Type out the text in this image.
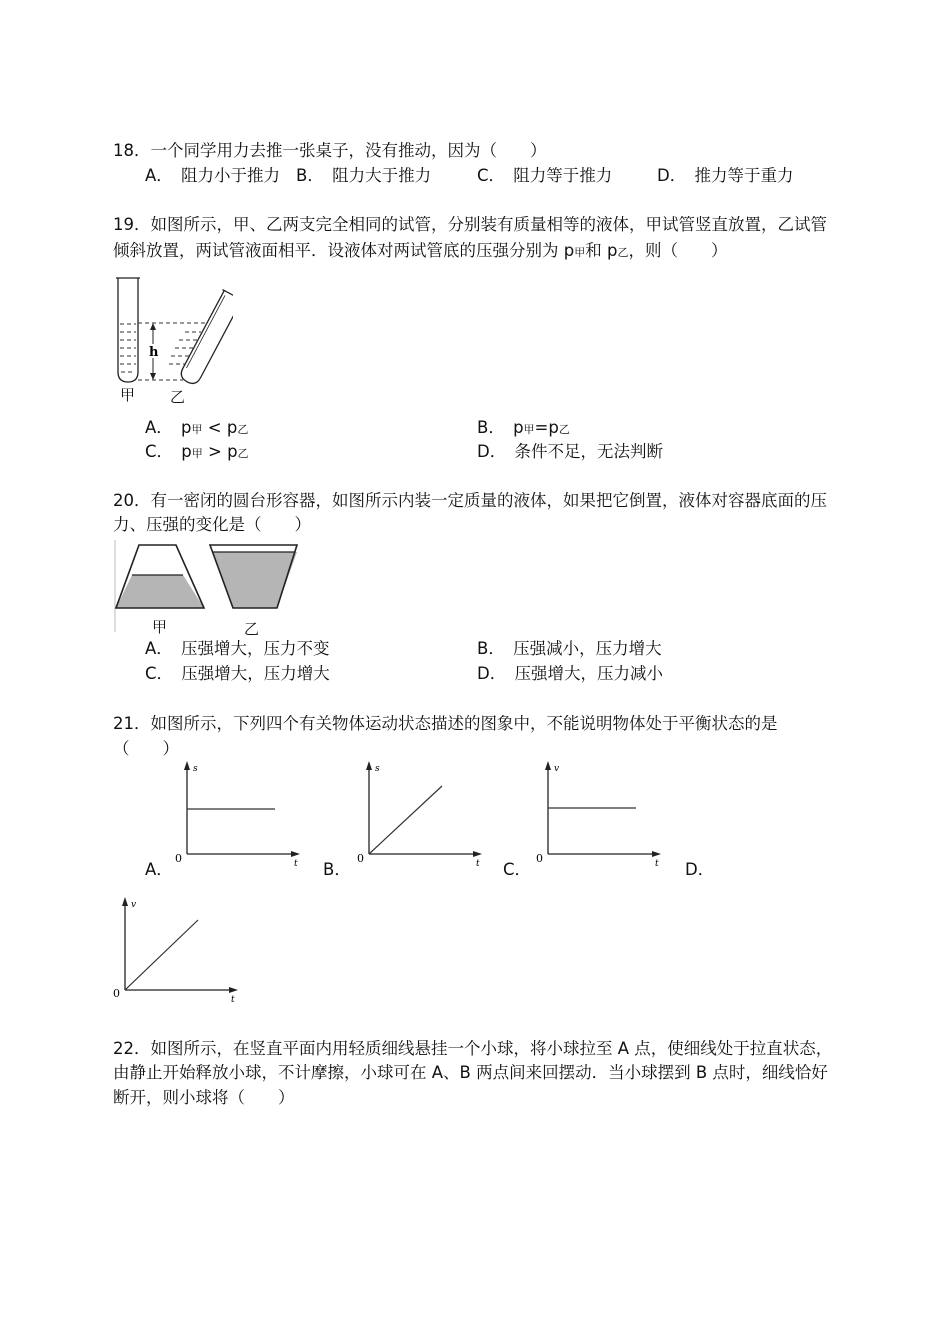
18．一个同学用力去推一张桌子，没有推动，因为（　　）
A．　阻力小于推力 B．　阻力大于推力	C．　阻力等于推力	D．　推力等于重力
19．如图所示，甲、乙两支完全相同的试管，分别装有质量相等的液体，甲试管竖直放置，乙试管
倾斜放置，两试管液面相平．设液体对两试管底的压强分别为 p甲和 p乙，则（　　）
h
甲 乙
A．　p甲 < p乙	B．　p甲=p乙
C．　p甲 > p乙	D．　条件不足，无法判断
20．有一密闭的圆台形容器，如图所示内装一定质量的液体，如果把它倒置，液体对容器底面的压
力、压强的变化是（　　）
甲	乙
A．　压强增大，压力不变	B．　压强减小，压力增大
C．　压强增大，压力增大	D．　压强增大，压力减小
21．如图所示，下列四个有关物体运动状态描述的图象中，不能说明物体处于平衡状态的是
（　　）
s
t
0
A．
s
t
0
B．
v
t
0
C．	D．
v
t
0
22．如图所示，在竖直平面内用轻质细线悬挂一个小球，将小球拉至 A 点，使细线处于拉直状态，
由静止开始释放小球，不计摩擦，小球可在 A、B 两点间来回摆动．当小球摆到 B 点时，细线恰好
断开，则小球将（　　）
